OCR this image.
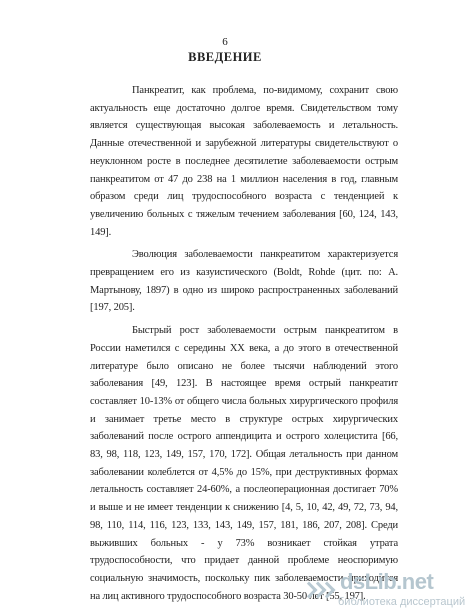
6
ВВЕДЕНИЕ

Панкреатит, как проблема, по-видимому, сохранит свою актуальность еще достаточно долгое время. Свидетельством тому является существующая высокая заболеваемость и летальность. Данные отечественной и зарубежной литературы свидетельствуют о неуклонном росте в последнее десятилетие заболеваемости острым панкреатитом от 47 до 238 на 1 миллион населения в год, главным образом среди лиц трудоспособного возраста с тенденцией к увеличению больных с тяжелым течением заболевания [60, 124, 143, 149].

Эволюция заболеваемости панкреатитом характеризуется превращением его из казуистического (Boldt, Rohde (цит. по: А. Мартынову, 1897) в одно из широко распространенных заболеваний [197, 205].

Быстрый рост заболеваемости острым панкреатитом в России наметился с середины XX века, а до этого в отечественной литературе было описано не более тысячи наблюдений этого заболевания [49, 123]. В настоящее время острый панкреатит составляет 10-13% от общего числа больных хирургического профиля и занимает третье место в структуре острых хирургических заболеваний после острого аппендицита и острого холецистита [66, 83, 98, 118, 123, 149, 157, 170, 172]. Общая летальность при данном заболевании колеблется от 4,5% до 15%, при деструктивных формах летальность составляет 24-60%, а послеоперационная достигает 70% и выше и не имеет тенденции к снижению [4, 5, 10, 42, 49, 72, 73, 94, 98, 110, 114, 116, 123, 133, 143, 149, 157, 181, 186, 207, 208]. Среди выживших больных - у 73% возникает стойкая утрата трудоспособности, что придает данной проблеме неоспоримую социальную значимость, поскольку пик заболеваемости приходится на лиц активного трудоспособного возраста 30-50 лет [55, 197].

dsLib.net
библиотека диссертаций
